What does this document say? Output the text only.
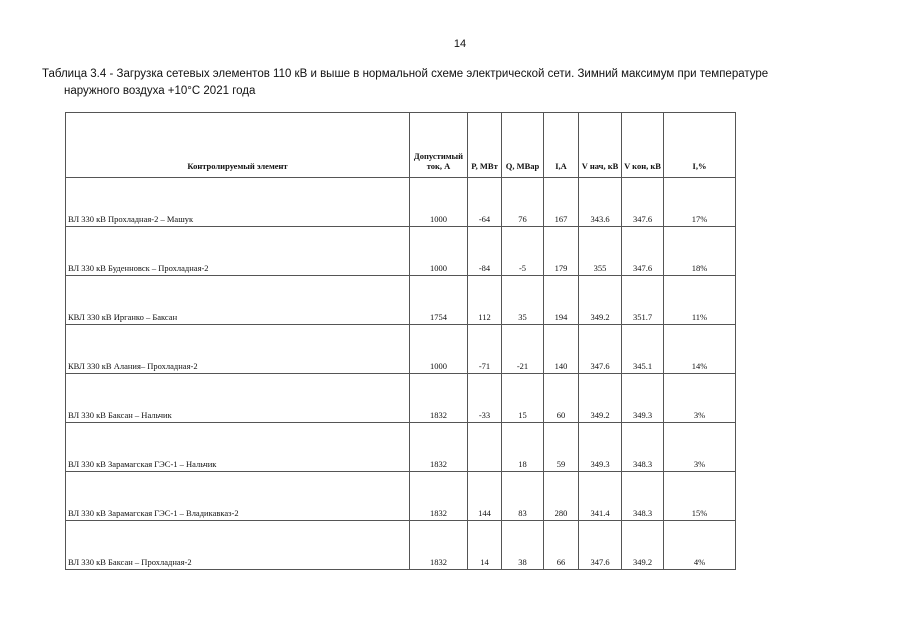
14
Таблица 3.4 - Загрузка сетевых элементов 110 кВ и выше в нормальной схеме электрической сети. Зимний максимум при температуре
наружного воздуха +10°С 2021 года
Контролируемый элемент	Допустимый ток, А	P, МВт	Q, МВар	I,A	V нач, кВ	V кон, кВ	I,%
ВЛ 330 кВ Прохладная-2 – Машук	1000	-64	76	167	343.6	347.6	17%
ВЛ 330 кВ Буденновск – Прохладная-2	1000	-84	-5	179	355	347.6	18%
КВЛ 330 кВ Ирганко – Баксан	1754	112	35	194	349.2	351.7	11%
КВЛ 330 кВ Алания– Прохладная-2	1000	-71	-21	140	347.6	345.1	14%
ВЛ 330 кВ Баксан – Нальчик	1832	-33	15	60	349.2	349.3	3%
ВЛ 330 кВ Зарамагская ГЭС-1 – Нальчик	1832		18	59	349.3	348.3	3%
ВЛ 330 кВ Зарамагская ГЭС-1 – Владикавказ-2	1832	144	83	280	341.4	348.3	15%
ВЛ 330 кВ Баксан – Прохладная-2	1832	14	38	66	347.6	349.2	4%
